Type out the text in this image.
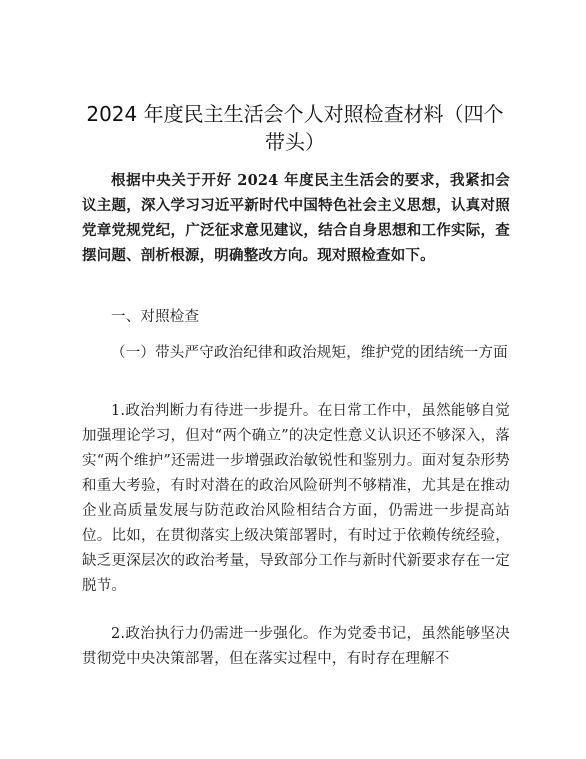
2024 年度民主生活会个人对照检查材料（四个
带头）

根据中央关于开好 2024 年度民主生活会的要求，我紧扣会议主题，深入学习习近平新时代中国特色社会主义思想，认真对照党章党规党纪，广泛征求意见建议，结合自身思想和工作实际，查摆问题、剖析根源，明确整改方向。现对照检查如下。

一、对照检查

（一）带头严守政治纪律和政治规矩，维护党的团结统一方面

1.政治判断力有待进一步提升。在日常工作中，虽然能够自觉加强理论学习，但对“两个确立”的决定性意义认识还不够深入，落实“两个维护”还需进一步增强政治敏锐性和鉴别力。面对复杂形势和重大考验，有时对潜在的政治风险研判不够精准，尤其是在推动企业高质量发展与防范政治风险相结合方面，仍需进一步提高站位。比如，在贯彻落实上级决策部署时，有时过于依赖传统经验，缺乏更深层次的政治考量，导致部分工作与新时代新要求存在一定脱节。

2.政治执行力仍需进一步强化。作为党委书记，虽然能够坚决贯彻党中央决策部署，但在落实过程中，有时存在理解不
